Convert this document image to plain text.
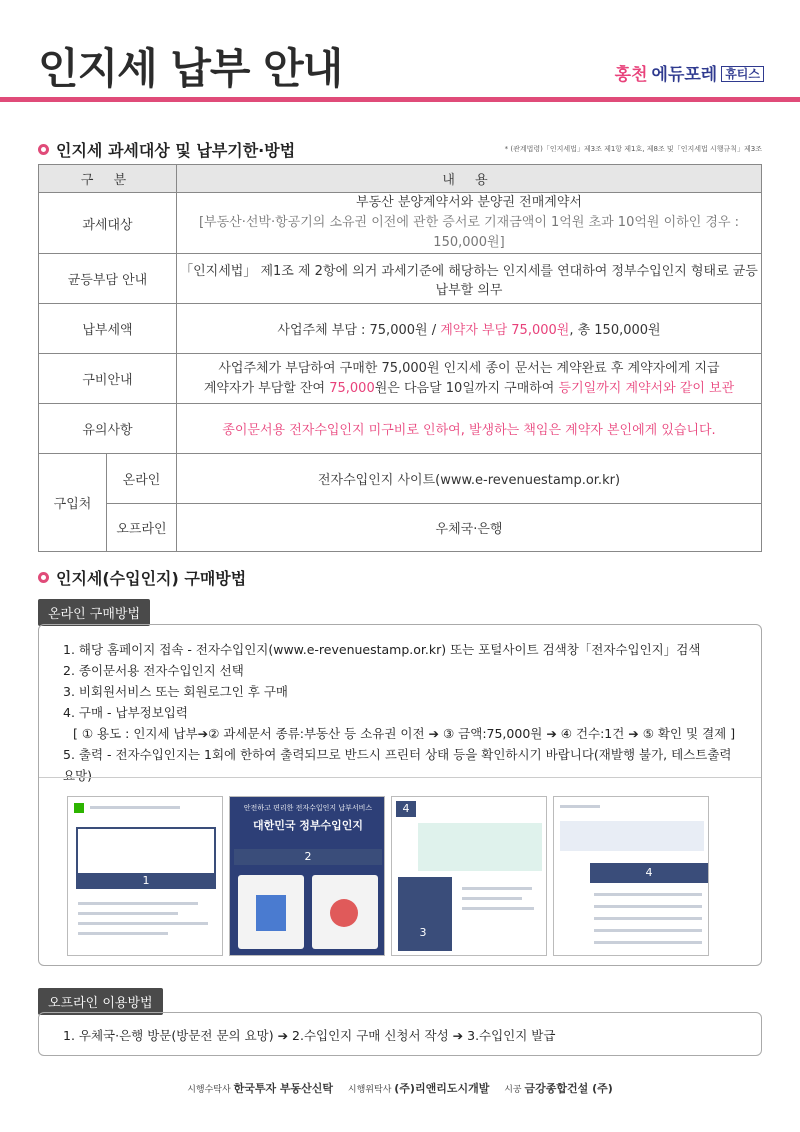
인지세 납부 안내	홍천 에듀포레 휴티스
인지세 과세대상 및 납부기한·방법	* (관계법령)「인지세법」제3조 제1항 제1호, 제8조 및「인지세법 시행규칙」제3조
구 분		내 용
과세대상		부동산 분양계약서와 분양권 전매계약서
[부동산·선박·항공기의 소유권 이전에 관한 증서로 기재금액이 1억원 초과 10억원 이하인 경우 : 150,000원]

균등부담 안내		「인지세법」 제1조 제 2항에 의거 과세기준에 해당하는 인지세를 연대하여 정부수입인지 형태로 균등 납부할 의무
납부세액		사업주체 부담 : 75,000원 / 계약자 부담 75,000원, 총 150,000원
구비안내		사업주체가 부담하여 구매한 75,000원 인지세 종이 문서는 계약완료 후 계약자에게 지급
계약자가 부담할 잔여 75,000원은 다음달 10일까지 구매하여 등기일까지 계약서와 같이 보관

유의사항		종이문서용 전자수입인지 미구비로 인하여, 발생하는 책임은 계약자 본인에게 있습니다.
구입처	온라인	전자수입인지 사이트(www.e-revenuestamp.or.kr)
	오프라인	우체국·은행
인지세(수입인지) 구매방법
온라인 구매방법
1. 해당 홈페이지 접속 - 전자수입인지(www.e-revenuestamp.or.kr) 또는 포털사이트 검색창「전자수입인지」검색
2. 종이문서용 전자수입인지 선택
3. 비회원서비스 또는 회원로그인 후 구매
4. 구매 - 납부정보입력
[ ① 용도 : 인지세 납부➔② 과세문서 종류:부동산 등 소유권 이전 ➔ ③ 금액:75,000원 ➔ ④ 건수:1건 ➔ ⑤ 확인 및 결제 ]
5. 출력 - 전자수입인지는 1회에 한하여 출력되므로 반드시 프린터 상태 등을 확인하시기 바랍니다(재발행 불가, 테스트출력 요망)
1
안전하고 편리한 전자수입인지 납부서비스
대한민국 정부수입인지
2
4
3
4
오프라인 이용방법
1. 우체국·은행 방문(방문전 문의 요망) ➔ 2.수입인지 구매 신청서 작성 ➔ 3.수입인지 발급
시행수탁사 한국투자 부동산신탁 시행위탁사 (주)리앤리도시개발 시공 금강종합건설 (주)
